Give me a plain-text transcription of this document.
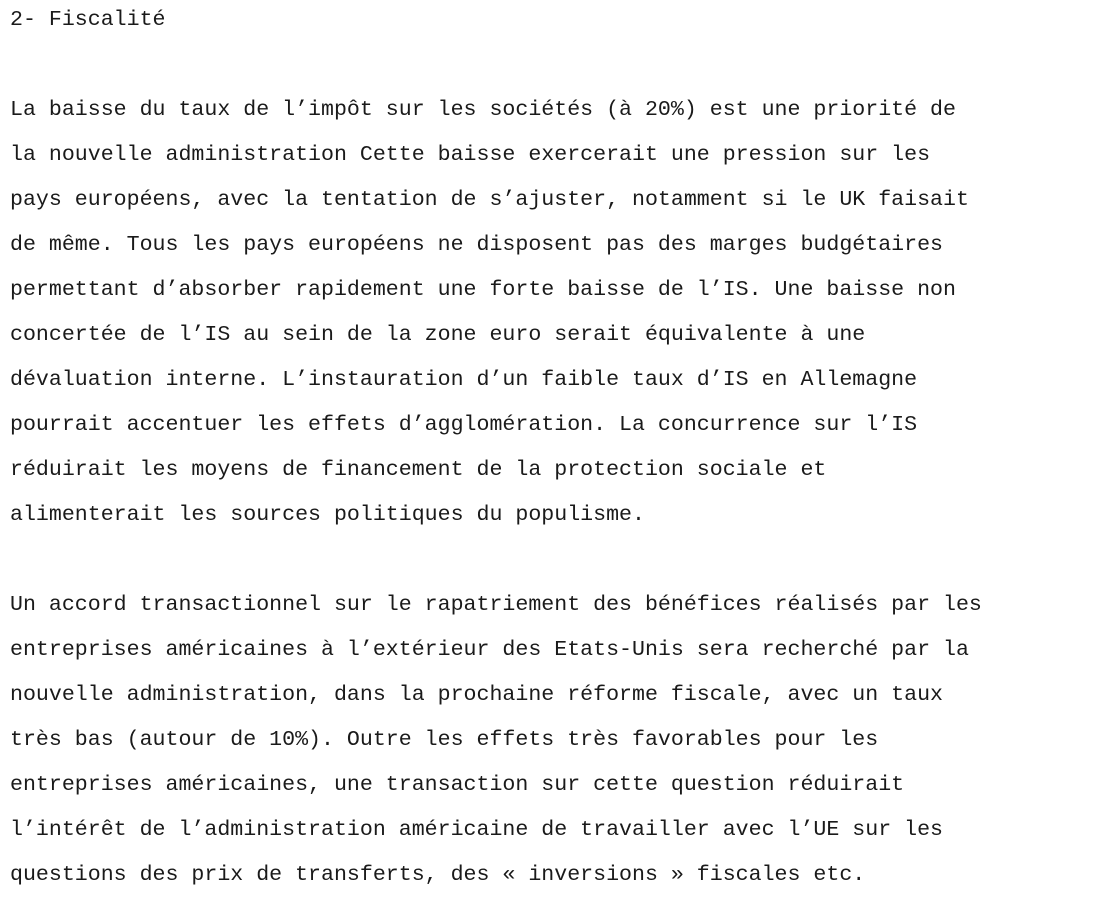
2- Fiscalité
La baisse du taux de l’impôt sur les sociétés (à 20%) est une priorité de
la nouvelle administration Cette baisse exercerait une pression sur les
pays européens, avec la tentation de s’ajuster, notamment si le UK faisait
de même. Tous les pays européens ne disposent pas des marges budgétaires
permettant d’absorber rapidement une forte baisse de l’IS. Une baisse non
concertée de l’IS au sein de la zone euro serait équivalente à une
dévaluation interne. L’instauration d’un faible taux d’IS en Allemagne
pourrait accentuer les effets d’agglomération. La concurrence sur l’IS
réduirait les moyens de financement de la protection sociale et
alimenterait les sources politiques du populisme.
Un accord transactionnel sur le rapatriement des bénéfices réalisés par les
entreprises américaines à l’extérieur des Etats-Unis sera recherché par la
nouvelle administration, dans la prochaine réforme fiscale, avec un taux
très bas (autour de 10%). Outre les effets très favorables pour les
entreprises américaines, une transaction sur cette question réduirait
l’intérêt de l’administration américaine de travailler avec l’UE sur les
questions des prix de transferts, des « inversions » fiscales etc.
